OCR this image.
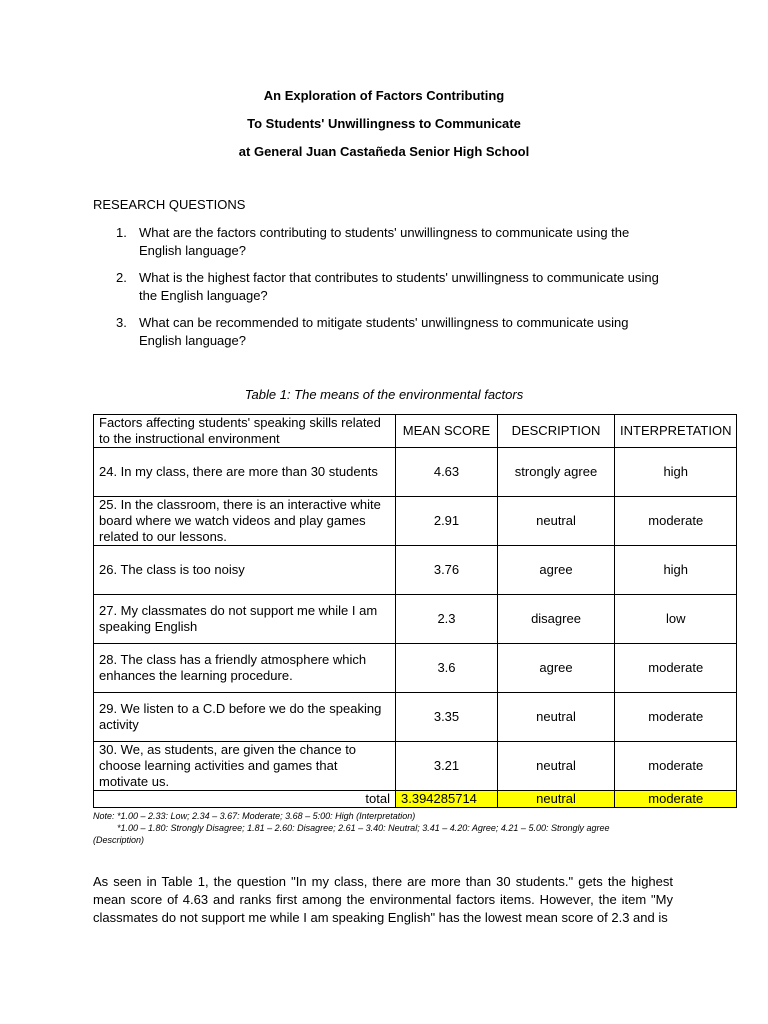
An Exploration of Factors Contributing
To Students' Unwillingness to Communicate
at General Juan Castañeda Senior High School
RESEARCH QUESTIONS
1. What are the factors contributing to students' unwillingness to communicate using the English language?
2. What is the highest factor that contributes to students' unwillingness to communicate using the English language?
3. What can be recommended to mitigate students' unwillingness to communicate using English language?
Table 1: The means of the environmental factors
Factors affecting students' speaking skills related to the instructional environment	MEAN SCORE	DESCRIPTION	INTERPRETATION
24. In my class, there are more than 30 students	4.63	strongly agree	high
25. In the classroom, there is an interactive white board where we watch videos and play games related to our lessons.	2.91	neutral	moderate
26. The class is too noisy	3.76	agree	high
27. My classmates do not support me while I am speaking English	2.3	disagree	low
28. The class has a friendly atmosphere which enhances the learning procedure.	3.6	agree	moderate
29. We listen to a C.D before we do the speaking activity	3.35	neutral	moderate
30. We, as students, are given the chance to choose learning activities and games that motivate us.	3.21	neutral	moderate
total	3.394285714	neutral	moderate
Note: *1.00 – 2.33: Low; 2.34 – 3.67: Moderate; 3.68 – 5:00: High (Interpretation)
*1.00 – 1.80: Strongly Disagree; 1.81 – 2.60: Disagree; 2.61 – 3.40: Neutral; 3.41 – 4.20: Agree; 4.21 – 5.00: Strongly agree
(Description)
As seen in Table 1, the question "In my class, there are more than 30 students." gets the highest mean score of 4.63 and ranks first among the environmental factors items. However, the item "My classmates do not support me while I am speaking English" has the lowest mean score of 2.3 and is
